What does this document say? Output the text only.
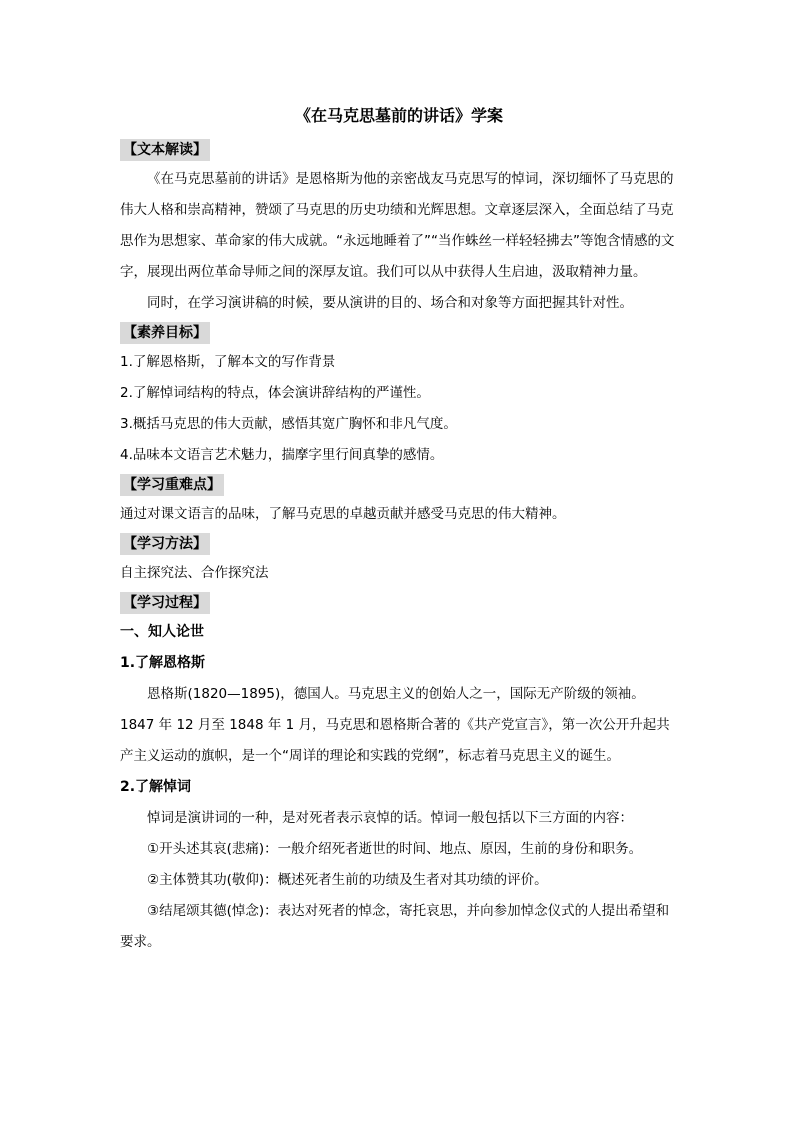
《在马克思墓前的讲话》学案
【文本解读】

《在马克思墓前的讲话》是恩格斯为他的亲密战友马克思写的悼词，深切缅怀了马克思的伟大人格和崇高精神，赞颂了马克思的历史功绩和光辉思想。文章逐层深入，全面总结了马克思作为思想家、革命家的伟大成就。“永远地睡着了”“当作蛛丝一样轻轻拂去”等饱含情感的文字，展现出两位革命导师之间的深厚友谊。我们可以从中获得人生启迪，汲取精神力量。

同时，在学习演讲稿的时候，要从演讲的目的、场合和对象等方面把握其针对性。

【素养目标】

1.了解恩格斯，了解本文的写作背景

2.了解悼词结构的特点，体会演讲辞结构的严谨性。

3.概括马克思的伟大贡献，感悟其宽广胸怀和非凡气度。

4.品味本文语言艺术魅力，揣摩字里行间真挚的感情。

【学习重难点】

通过对课文语言的品味，了解马克思的卓越贡献并感受马克思的伟大精神。

【学习方法】

自主探究法、合作探究法

【学习过程】
一、知人论世
1.了解恩格斯

恩格斯(1820—1895)，德国人。马克思主义的创始人之一，国际无产阶级的领袖。1847 年 12 月至 1848 年 1 月，马克思和恩格斯合著的《共产党宣言》，第一次公开升起共产主义运动的旗帜，是一个“周详的理论和实践的党纲”，标志着马克思主义的诞生。

2.了解悼词

悼词是演讲词的一种，是对死者表示哀悼的话。悼词一般包括以下三方面的内容：

①开头述其哀(悲痛)：一般介绍死者逝世的时间、地点、原因，生前的身份和职务。

②主体赞其功(敬仰)：概述死者生前的功绩及生者对其功绩的评价。

③结尾颂其德(悼念)：表达对死者的悼念，寄托哀思，并向参加悼念仪式的人提出希望和要求。
